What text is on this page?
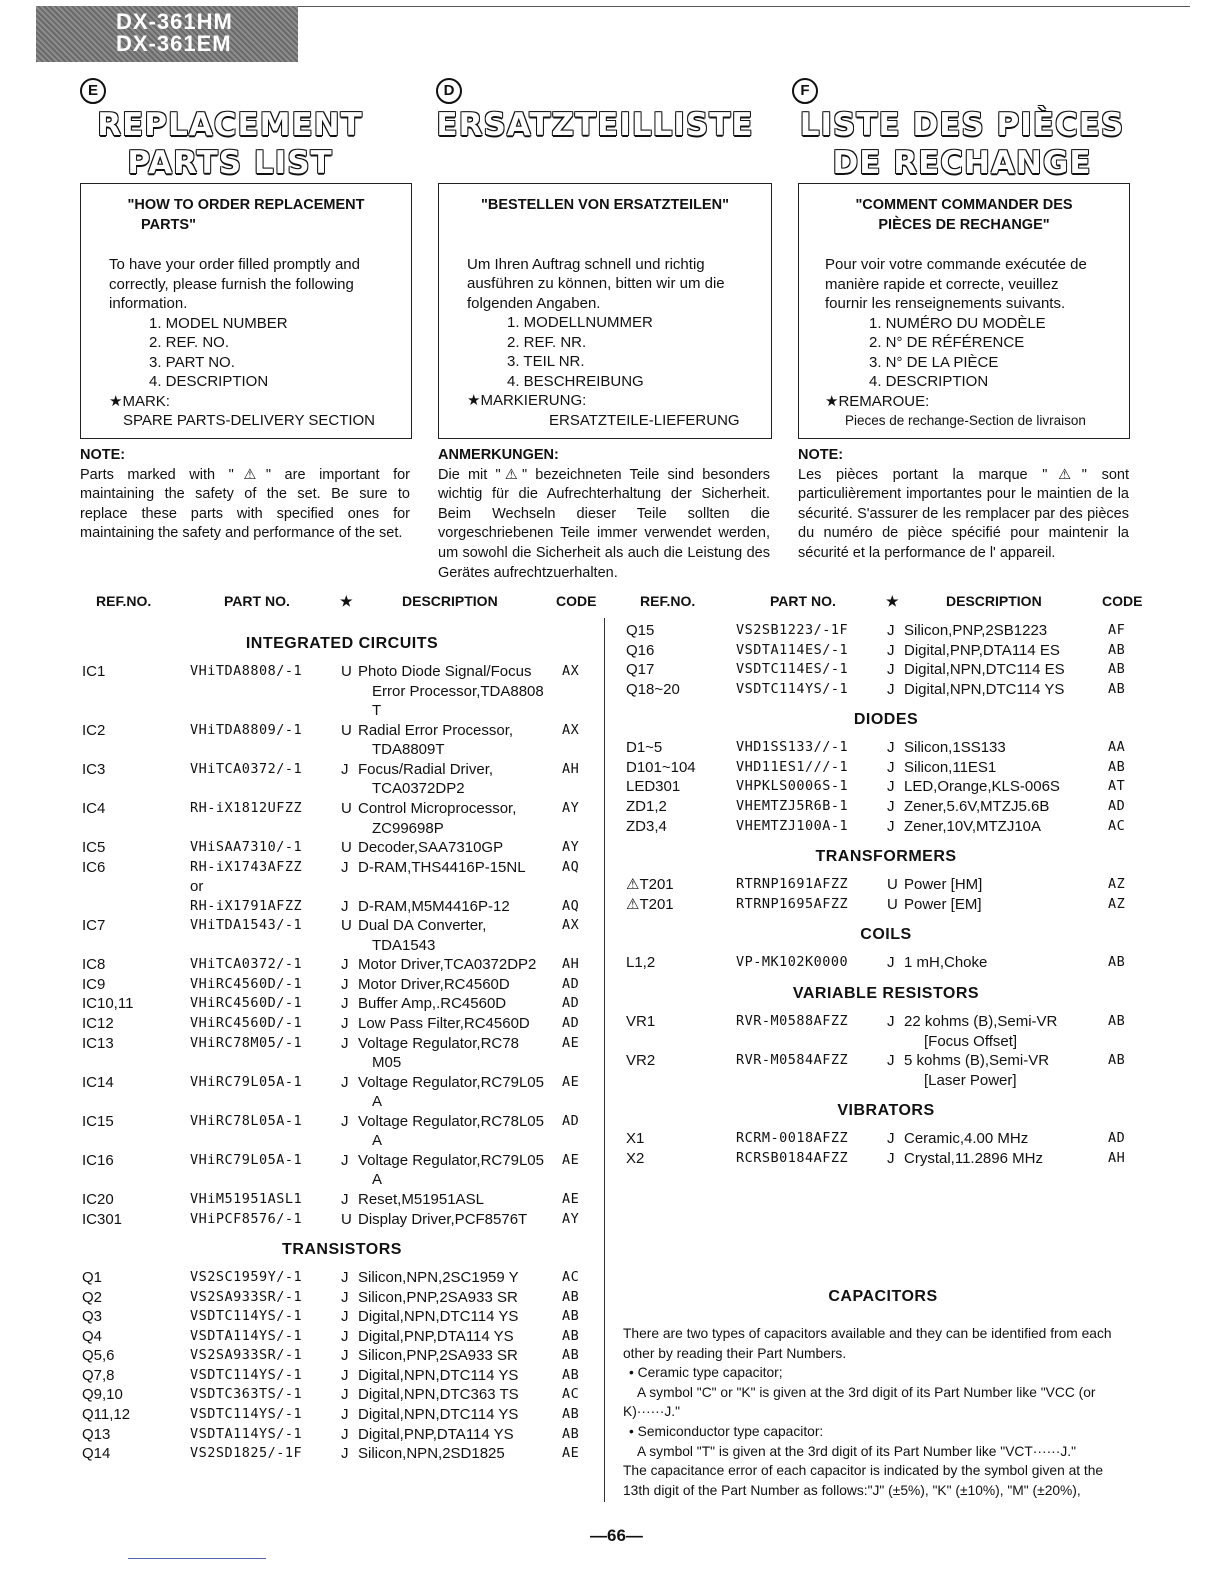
DX-361HM
DX-361EM
E
REPLACEMENT
PARTS LIST
D
ERSATZTEILLISTE
F
LISTE DES PIÈCES
DE RECHANGE
"HOW TO ORDER REPLACEMENT
PARTS"
To have your order filled promptly and correctly, please furnish the following information.
1. MODEL NUMBER
2. REF. NO.
3. PART NO.
4. DESCRIPTION
★MARK:
SPARE PARTS-DELIVERY SECTION
"BESTELLEN VON ERSATZTEILEN"
Um Ihren Auftrag schnell und richtig ausführen zu können, bitten wir um die folgenden Angaben.
1. MODELLNUMMER
2. REF. NR.
3. TEIL NR.
4. BESCHREIBUNG
★MARKIERUNG:
ERSATZTEILE-LIEFERUNG
"COMMENT COMMANDER DES
PIÈCES DE RECHANGE"
Pour voir votre commande exécutée de manière rapide et correcte, veuillez fournir les renseignements suivants.
1. NUMÉRO DU MODÈLE
2. N° DE RÉFÉRENCE
3. N° DE LA PIÈCE
4. DESCRIPTION
★REMAROUE:
Pieces de rechange-Section de livraison
NOTE:
Parts marked with "⚠" are important for maintaining the safety of the set. Be sure to replace these parts with specified ones for maintaining the safety and performance of the set.
ANMERKUNGEN:
Die mit "⚠" bezeichneten Teile sind besonders wichtig für die Aufrechterhaltung der Sicherheit. Beim Wechseln dieser Teile sollten die vorgeschriebenen Teile immer verwendet werden, um sowohl die Sicherheit als auch die Leistung des Gerätes aufrechtzuerhalten.
NOTE:
Les pièces portant la marque "⚠" sont particulièrement importantes pour le maintien de la sécurité. S'assurer de les remplacer par des pièces du numéro de pièce spécifié pour maintenir la sécurité et la performance de l' appareil.
REF.NO.	PART NO.	★	DESCRIPTION	CODE	REF.NO.	PART NO.	★	DESCRIPTION	CODE
INTEGRATED CIRCUITS
IC1	VHiTDA8808/-1	U Photo Diode Signal/Focus AX
Error Processor,TDA8808
T
IC2	VHiTDA8809/-1	U Radial Error Processor,	AX
TDA8809T
IC3	VHiTCA0372/-1	J Focus/Radial Driver,	AH
TCA0372DP2
IC4	RH-iX1812UFZZ	U Control Microprocessor,	AY
ZC99698P
IC5	VHiSAA7310/-1	U Decoder,SAA7310GP	AY
IC6	RH-iX1743AFZZ	J D-RAM,THS4416P-15NL	AQ
or
RH-iX1791AFZZ	J D-RAM,M5M4416P-12	AQ
IC7	VHiTDA1543/-1	U Dual DA Converter,	AX
TDA1543
IC8	VHiTCA0372/-1	J Motor Driver,TCA0372DP2 AH
IC9	VHiRC4560D/-1	J Motor Driver,RC4560D	AD
IC10,11	VHiRC4560D/-1	J Buffer Amp,.RC4560D	AD
IC12	VHiRC4560D/-1	J Low Pass Filter,RC4560D AD
IC13	VHiRC78M05/-1	J Voltage Regulator,RC78	AE
M05
IC14	VHiRC79L05A-1	J Voltage Regulator,RC79L05 AE
A
IC15	VHiRC78L05A-1	J Voltage Regulator,RC78L05 AD
A
IC16	VHiRC79L05A-1	J Voltage Regulator,RC79L05 AE
A
IC20	VHiM51951ASL1	J Reset,M51951ASL	AE
IC301	VHiPCF8576/-1	U Display Driver,PCF8576T	AY
TRANSISTORS
Q1	VS2SC1959Y/-1	J Silicon,NPN,2SC1959 Y	AC
Q2	VS2SA933SR/-1	J Silicon,PNP,2SA933 SR	AB
Q3	VSDTC114YS/-1	J Digital,NPN,DTC114 YS	AB
Q4	VSDTA114YS/-1	J Digital,PNP,DTA114 YS	AB
Q5,6	VS2SA933SR/-1	J Silicon,PNP,2SA933 SR	AB
Q7,8	VSDTC114YS/-1	J Digital,NPN,DTC114 YS	AB
Q9,10	VSDTC363TS/-1	J Digital,NPN,DTC363 TS	AC
Q11,12	VSDTC114YS/-1	J Digital,NPN,DTC114 YS	AB
Q13	VSDTA114YS/-1	J Digital,PNP,DTA114 YS	AB
Q14	VS2SD1825/-1F	J Silicon,NPN,2SD1825	AE
Q15	VS2SB1223/-1F	J Silicon,PNP,2SB1223	AF
Q16	VSDTA114ES/-1	J Digital,PNP,DTA114 ES	AB
Q17	VSDTC114ES/-1	J Digital,NPN,DTC114 ES	AB
Q18~20	VSDTC114YS/-1	J Digital,NPN,DTC114 YS	AB
DIODES
D1~5	VHD1SS133//-1	J Silicon,1SS133	AA
D101~104	VHD11ES1///-1	J Silicon,11ES1	AB
LED301	VHPKLS0006S-1	J LED,Orange,KLS-006S	AT
ZD1,2	VHEMTZJ5R6B-1	J Zener,5.6V,MTZJ5.6B	AD
ZD3,4	VHEMTZJ100A-1	J Zener,10V,MTZJ10A	AC
TRANSFORMERS
⚠T201	RTRNP1691AFZZ	U Power [HM]	AZ
⚠T201	RTRNP1695AFZZ	U Power [EM]	AZ
COILS
L1,2	VP-MK102K0000	J 1 mH,Choke	AB
VARIABLE RESISTORS
VR1	RVR-M0588AFZZ	J 22 kohms (B),Semi-VR	AB
[Focus Offset]
VR2	RVR-M0584AFZZ	J 5 kohms (B),Semi-VR	AB
[Laser Power]
VIBRATORS
X1	RCRM-0018AFZZ	J Ceramic,4.00 MHz	AD
X2	RCRSB0184AFZZ	J Crystal,11.2896 MHz	AH
CAPACITORS
There are two types of capacitors available and they can be identified from each
other by reading their Part Numbers.
• Ceramic type capacitor;
A symbol "C" or "K" is given at the 3rd digit of its Part Number like "VCC (or
K)······J."
• Semiconductor type capacitor:
A symbol "T" is given at the 3rd digit of its Part Number like "VCT······J."
The capacitance error of each capacitor is indicated by the symbol given at the
13th digit of the Part Number as follows:"J" (±5%), "K" (±10%), "M" (±20%),
—66—
